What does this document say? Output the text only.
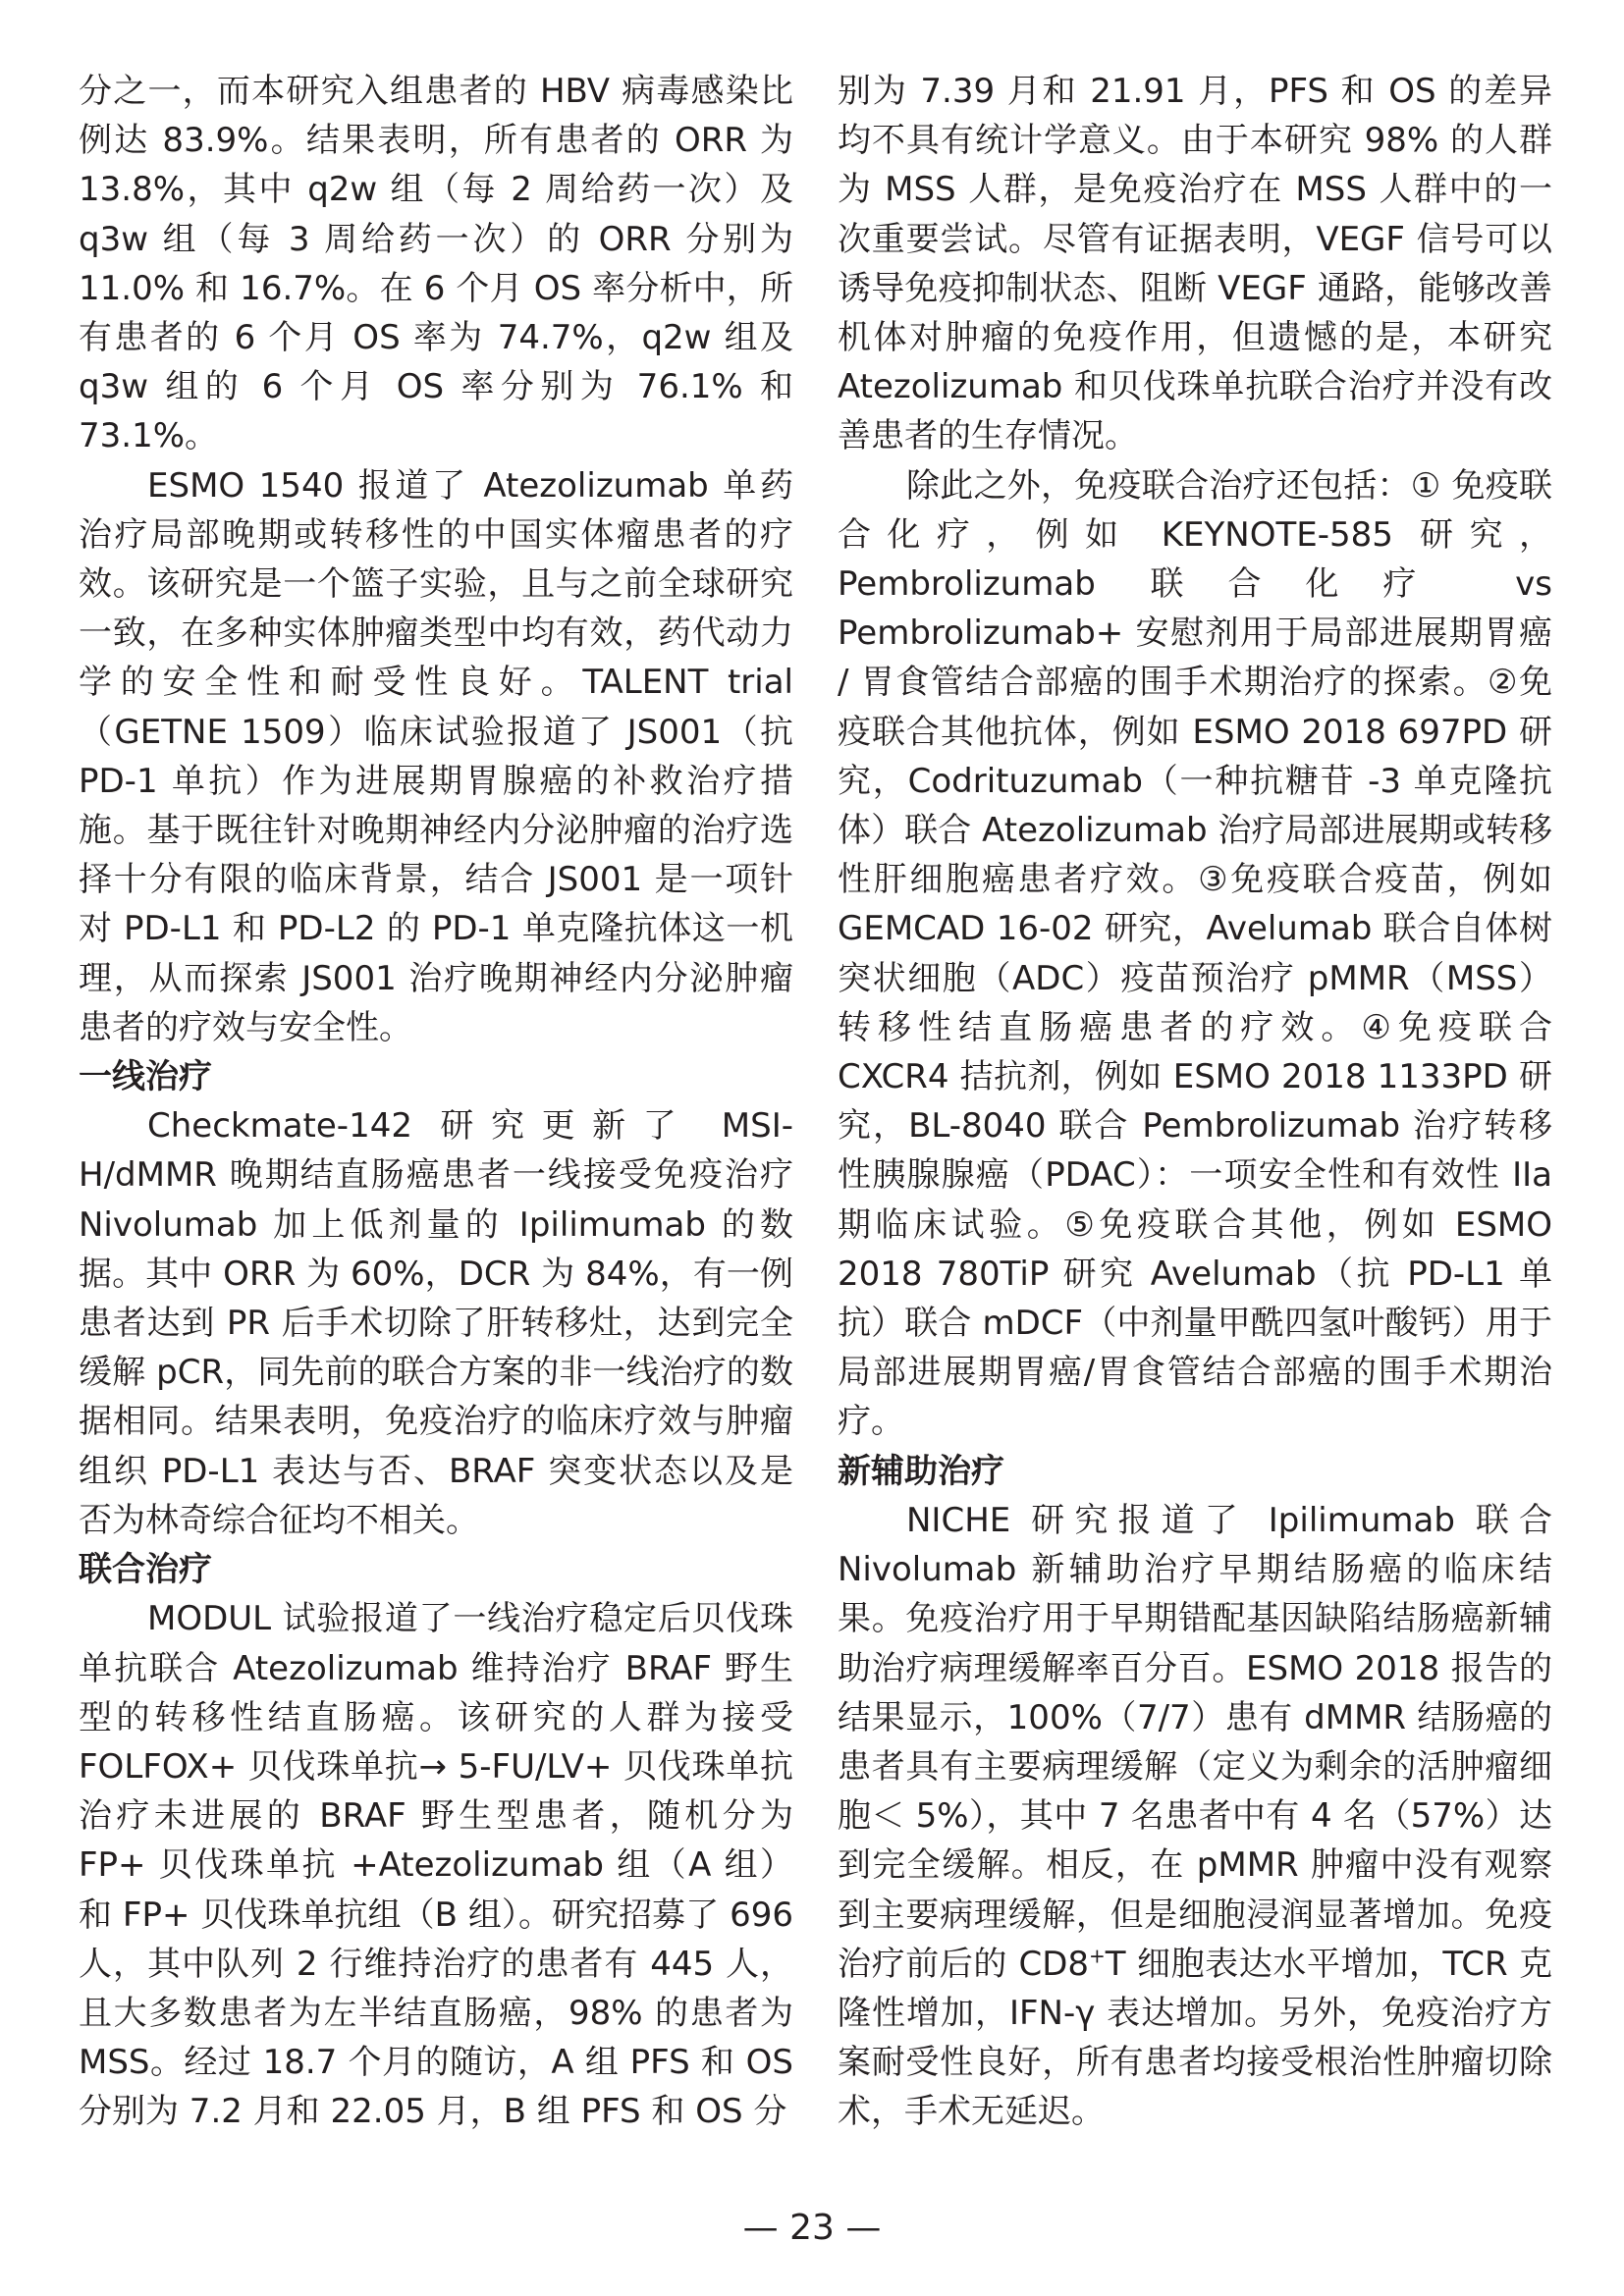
分之一，而本研究入组患者的 HBV 病毒感染比例达 83.9%。结果表明，所有患者的 ORR 为 13.8%，其中 q2w 组（每 2 周给药一次）及 q3w 组（每 3 周给药一次）的 ORR 分别为 11.0% 和 16.7%。在 6 个月 OS 率分析中，所有患者的 6 个月 OS 率为 74.7%，q2w 组及 q3w 组的 6 个月 OS 率分别为 76.1% 和 73.1%。

ESMO 1540 报道了 Atezolizumab 单药治疗局部晚期或转移性的中国实体瘤患者的疗效。该研究是一个篮子实验，且与之前全球研究一致，在多种实体肿瘤类型中均有效，药代动力学的安全性和耐受性良好。TALENT trial（GETNE 1509）临床试验报道了 JS001（抗 PD-1 单抗）作为进展期胃腺癌的补救治疗措施。基于既往针对晚期神经内分泌肿瘤的治疗选择十分有限的临床背景，结合 JS001 是一项针对 PD-L1 和 PD-L2 的 PD-1 单克隆抗体这一机理，从而探索 JS001 治疗晚期神经内分泌肿瘤患者的疗效与安全性。

一线治疗

Checkmate-142 研究更新了 MSI-H/dMMR 晚期结直肠癌患者一线接受免疫治疗 Nivolumab 加上低剂量的 Ipilimumab 的数据。其中 ORR 为 60%，DCR 为 84%，有一例患者达到 PR 后手术切除了肝转移灶，达到完全缓解 pCR，同先前的联合方案的非一线治疗的数据相同。结果表明，免疫治疗的临床疗效与肿瘤组织 PD-L1 表达与否、BRAF 突变状态以及是否为林奇综合征均不相关。

联合治疗

MODUL 试验报道了一线治疗稳定后贝伐珠单抗联合 Atezolizumab 维持治疗 BRAF 野生型的转移性结直肠癌。该研究的人群为接受 FOLFOX+ 贝伐珠单抗→ 5-FU/LV+ 贝伐珠单抗治疗未进展的 BRAF 野生型患者，随机分为 FP+ 贝伐珠单抗 +Atezolizumab 组（A 组）和 FP+ 贝伐珠单抗组（B 组）。研究招募了 696 人，其中队列 2 行维持治疗的患者有 445 人，且大多数患者为左半结直肠癌，98% 的患者为 MSS。经过 18.7 个月的随访，A 组 PFS 和 OS 分别为 7.2 月和 22.05 月，B 组 PFS 和 OS 分

别为 7.39 月和 21.91 月，PFS 和 OS 的差异均不具有统计学意义。由于本研究 98% 的人群为 MSS 人群，是免疫治疗在 MSS 人群中的一次重要尝试。尽管有证据表明，VEGF 信号可以诱导免疫抑制状态、阻断 VEGF 通路，能够改善机体对肿瘤的免疫作用，但遗憾的是，本研究 Atezolizumab 和贝伐珠单抗联合治疗并没有改善患者的生存情况。

除此之外，免疫联合治疗还包括：① 免疫联合化疗，例如 KEYNOTE-585 研究，Pembrolizumab 联合化疗 vs Pembrolizumab+ 安慰剂用于局部进展期胃癌 / 胃食管结合部癌的围手术期治疗的探索。②免疫联合其他抗体，例如 ESMO 2018 697PD 研究，Codrituzumab（一种抗糖苷 -3 单克隆抗体）联合 Atezolizumab 治疗局部进展期或转移性肝细胞癌患者疗效。③免疫联合疫苗，例如 GEMCAD 16-02 研究，Avelumab 联合自体树突状细胞（ADC）疫苗预治疗 pMMR（MSS）转移性结直肠癌患者的疗效。④免疫联合 CXCR4 拮抗剂，例如 ESMO 2018 1133PD 研究，BL-8040 联合 Pembrolizumab 治疗转移性胰腺腺癌（PDAC）：一项安全性和有效性 IIa 期临床试验。⑤免疫联合其他，例如 ESMO 2018 780TiP 研究 Avelumab（抗 PD-L1 单抗）联合 mDCF（中剂量甲酰四氢叶酸钙）用于局部进展期胃癌/胃食管结合部癌的围手术期治疗。

新辅助治疗

NICHE 研究报道了 Ipilimumab 联合 Nivolumab 新辅助治疗早期结肠癌的临床结果。免疫治疗用于早期错配基因缺陷结肠癌新辅助治疗病理缓解率百分百。ESMO 2018 报告的结果显示，100%（7/7）患有 dMMR 结肠癌的患者具有主要病理缓解（定义为剩余的活肿瘤细胞＜ 5%），其中 7 名患者中有 4 名（57%）达到完全缓解。相反，在 pMMR 肿瘤中没有观察到主要病理缓解，但是细胞浸润显著增加。免疫治疗前后的 CD8+T 细胞表达水平增加，TCR 克隆性增加，IFN-γ 表达增加。另外，免疫治疗方案耐受性良好，所有患者均接受根治性肿瘤切除术，手术无延迟。

— 23 —
